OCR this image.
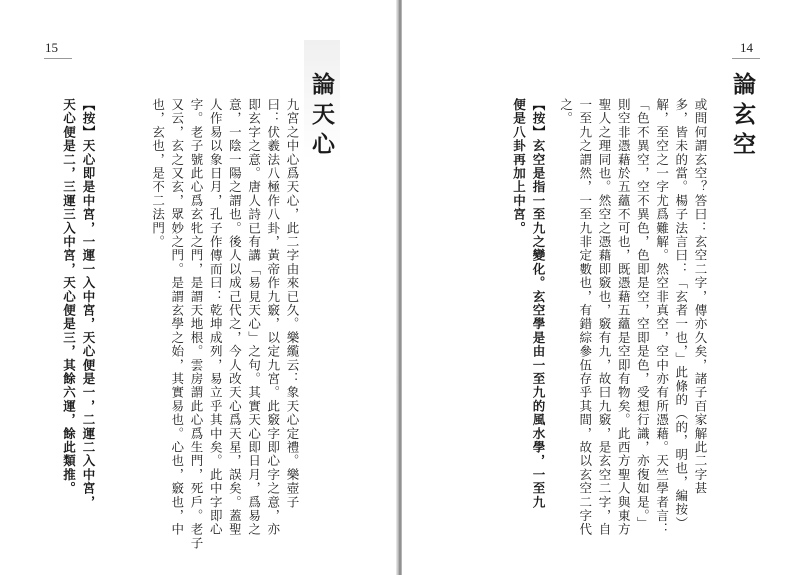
15
論天心
九宮之中心爲天心，此二字由來已久。樂䌫云：象天心定禮。樂壺子
曰：伏羲法八極作八卦，黃帝作九竅，以定九宮。此竅字即心字之意，亦
即玄字之意。唐人詩已有講「易見天心」之句。其實天心即日月，爲易之
意，一陰一陽之謂也。後人以成己代之，今人改天心爲天星，誤矣。蓋聖
人作易以象日月，孔子作傳而曰：乾坤成列，易立乎其中矣。此中字即心
字。老子號此心爲玄牝之門，是謂天地根。雲房謂此心爲生門，死戶。老子
又云，玄之又玄，眾妙之門。是謂玄學之始，其實易也。心也，竅也，中
也，玄也，是不二法門。
【按】天心即是中宮，一運一入中宮，天心便是一，二運二入中宮，
天心便是二，三運三入中宮，天心便是三，其餘六運，餘此類推。
14
論玄空
或問何謂玄空？答曰：玄空二字，傳亦久矣，諸子百家解此二字甚
多，皆未的當。楊子法言曰：「玄者一也，」此條的（的，明也，編按）
解，至空之一字尤爲難解。然空非真空，空中亦有所憑藉。天竺學者言：
「色不異空，空不異色，色即是空，空即是色，受想行識，亦復如是。」
則空非憑藉於五蘊不可也，既憑藉五蘊是空即有物矣。此西方聖人與東方
聖人之理同也。然空之憑藉即竅也，竅有九，故曰九竅，是玄空二字，自
一至九之謂然，一至九非定數也，有錯綜參伍存乎其間，故以玄空二字代
之。
【按】玄空是指一至九之變化。玄空學是由一至九的風水學，一至九
便是八卦再加上中宮。
